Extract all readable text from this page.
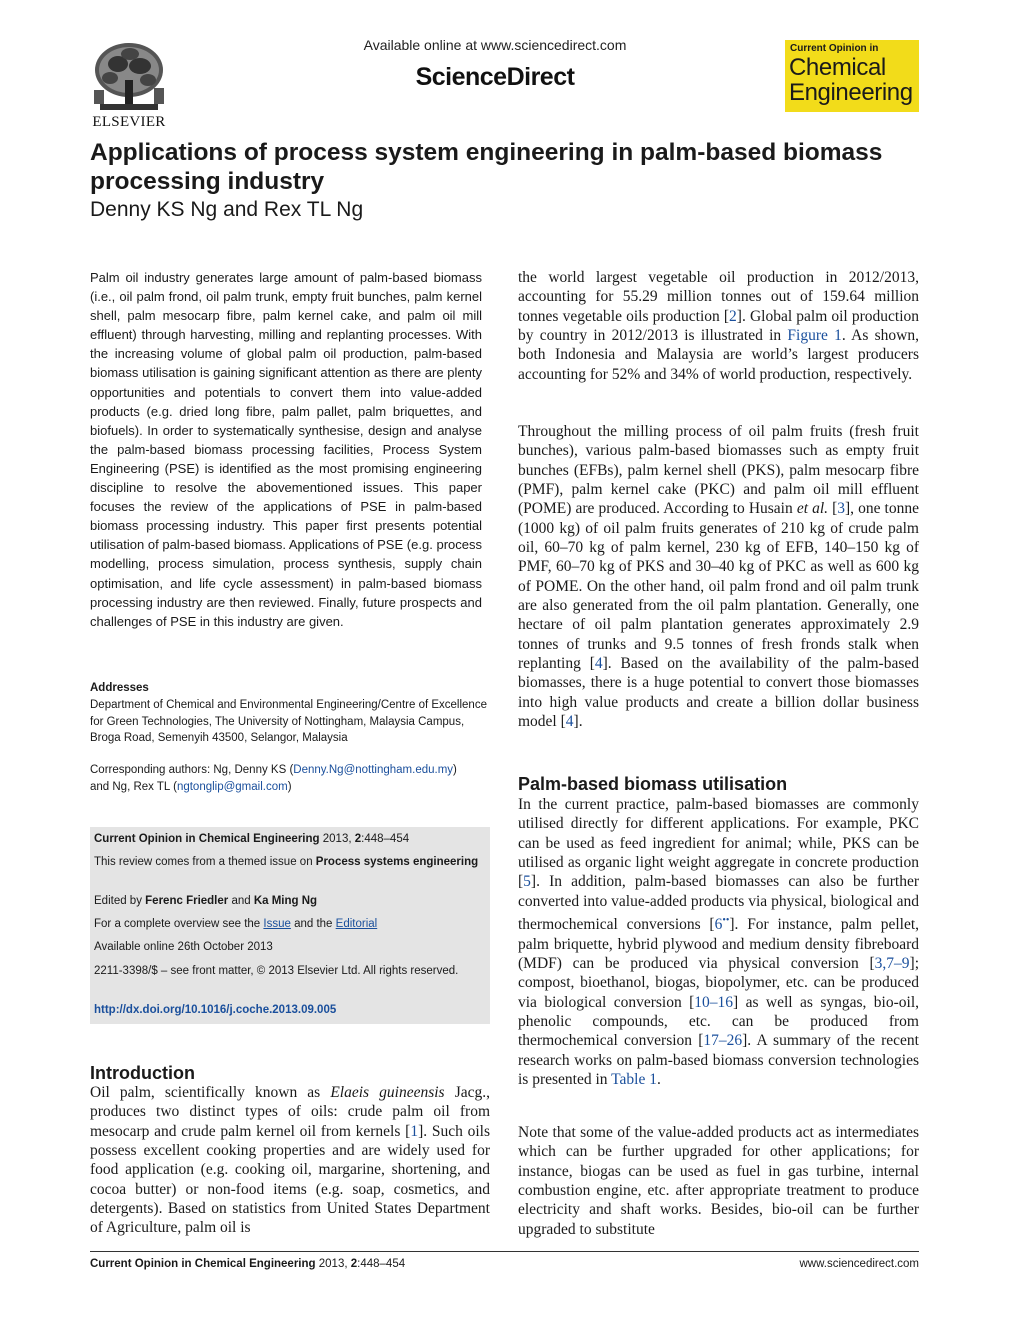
ELSEVIER
Available online at www.sciencedirect.com
ScienceDirect
Current Opinion in
Chemical
Engineering
Applications of process system engineering in palm-based biomass processing industry
Denny KS Ng and Rex TL Ng
Palm oil industry generates large amount of palm-based biomass (i.e., oil palm frond, oil palm trunk, empty fruit bunches, palm kernel shell, palm mesocarp fibre, palm kernel cake, and palm oil mill effluent) through harvesting, milling and replanting processes. With the increasing volume of global palm oil production, palm-based biomass utilisation is gaining significant attention as there are plenty opportunities and potentials to convert them into value-added products (e.g. dried long fibre, palm pallet, palm briquettes, and biofuels). In order to systematically synthesise, design and analyse the palm-based biomass processing facilities, Process System Engineering (PSE) is identified as the most promising engineering discipline to resolve the abovementioned issues. This paper focuses the review of the applications of PSE in palm-based biomass processing industry. This paper first presents potential utilisation of palm-based biomass. Applications of PSE (e.g. process modelling, process simulation, process synthesis, supply chain optimisation, and life cycle assessment) in palm-based biomass processing industry are then reviewed. Finally, future prospects and challenges of PSE in this industry are given.
Addresses
Department of Chemical and Environmental Engineering/Centre of Excellence for Green Technologies, The University of Nottingham, Malaysia Campus, Broga Road, Semenyih 43500, Selangor, Malaysia
Corresponding authors: Ng, Denny KS (Denny.Ng@nottingham.edu.my)
and Ng, Rex TL (ngtonglip@gmail.com)
Current Opinion in Chemical Engineering 2013, 2:448–454
This review comes from a themed issue on Process systems engineering
Edited by Ferenc Friedler and Ka Ming Ng
For a complete overview see the Issue and the Editorial
Available online 26th October 2013
2211-3398/$ – see front matter, © 2013 Elsevier Ltd. All rights reserved.
http://dx.doi.org/10.1016/j.coche.2013.09.005
Introduction
Oil palm, scientifically known as Elaeis guineensis Jacg., produces two distinct types of oils: crude palm oil from mesocarp and crude palm kernel oil from kernels [1]. Such oils possess excellent cooking properties and are widely used for food application (e.g. cooking oil, margarine, shortening, and cocoa butter) or non-food items (e.g. soap, cosmetics, and detergents). Based on statistics from United States Department of Agriculture, palm oil is
the world largest vegetable oil production in 2012/2013, accounting for 55.29 million tonnes out of 159.64 million tonnes vegetable oils production [2]. Global palm oil production by country in 2012/2013 is illustrated in Figure 1. As shown, both Indonesia and Malaysia are world’s largest producers accounting for 52% and 34% of world production, respectively.
Throughout the milling process of oil palm fruits (fresh fruit bunches), various palm-based biomasses such as empty fruit bunches (EFBs), palm kernel shell (PKS), palm mesocarp fibre (PMF), palm kernel cake (PKC) and palm oil mill effluent (POME) are produced. According to Husain et al. [3], one tonne (1000 kg) of oil palm fruits generates of 210 kg of crude palm oil, 60–70 kg of palm kernel, 230 kg of EFB, 140–150 kg of PMF, 60–70 kg of PKS and 30–40 kg of PKC as well as 600 kg of POME. On the other hand, oil palm frond and oil palm trunk are also generated from the oil palm plantation. Generally, one hectare of oil palm plantation generates approximately 2.9 tonnes of trunks and 9.5 tonnes of fresh fronds stalk when replanting [4]. Based on the availability of the palm-based biomasses, there is a huge potential to convert those biomasses into high value products and create a billion dollar business model [4].
Palm-based biomass utilisation
In the current practice, palm-based biomasses are commonly utilised directly for different applications. For example, PKC can be used as feed ingredient for animal; while, PKS can be utilised as organic light weight aggregate in concrete production [5]. In addition, palm-based biomasses can also be further converted into value-added products via physical, biological and thermochemical conversions [6••]. For instance, palm pellet, palm briquette, hybrid plywood and medium density fibreboard (MDF) can be produced via physical conversion [3,7–9]; compost, bioethanol, biogas, biopolymer, etc. can be produced via biological conversion [10–16] as well as syngas, bio-oil, phenolic compounds, etc. can be produced from thermochemical conversion [17–26]. A summary of the recent research works on palm-based biomass conversion technologies is presented in Table 1.
Note that some of the value-added products act as intermediates which can be further upgraded for other applications; for instance, biogas can be used as fuel in gas turbine, internal combustion engine, etc. after appropriate treatment to produce electricity and shaft works. Besides, bio-oil can be further upgraded to substitute
Current Opinion in Chemical Engineering 2013, 2:448–454	www.sciencedirect.com
